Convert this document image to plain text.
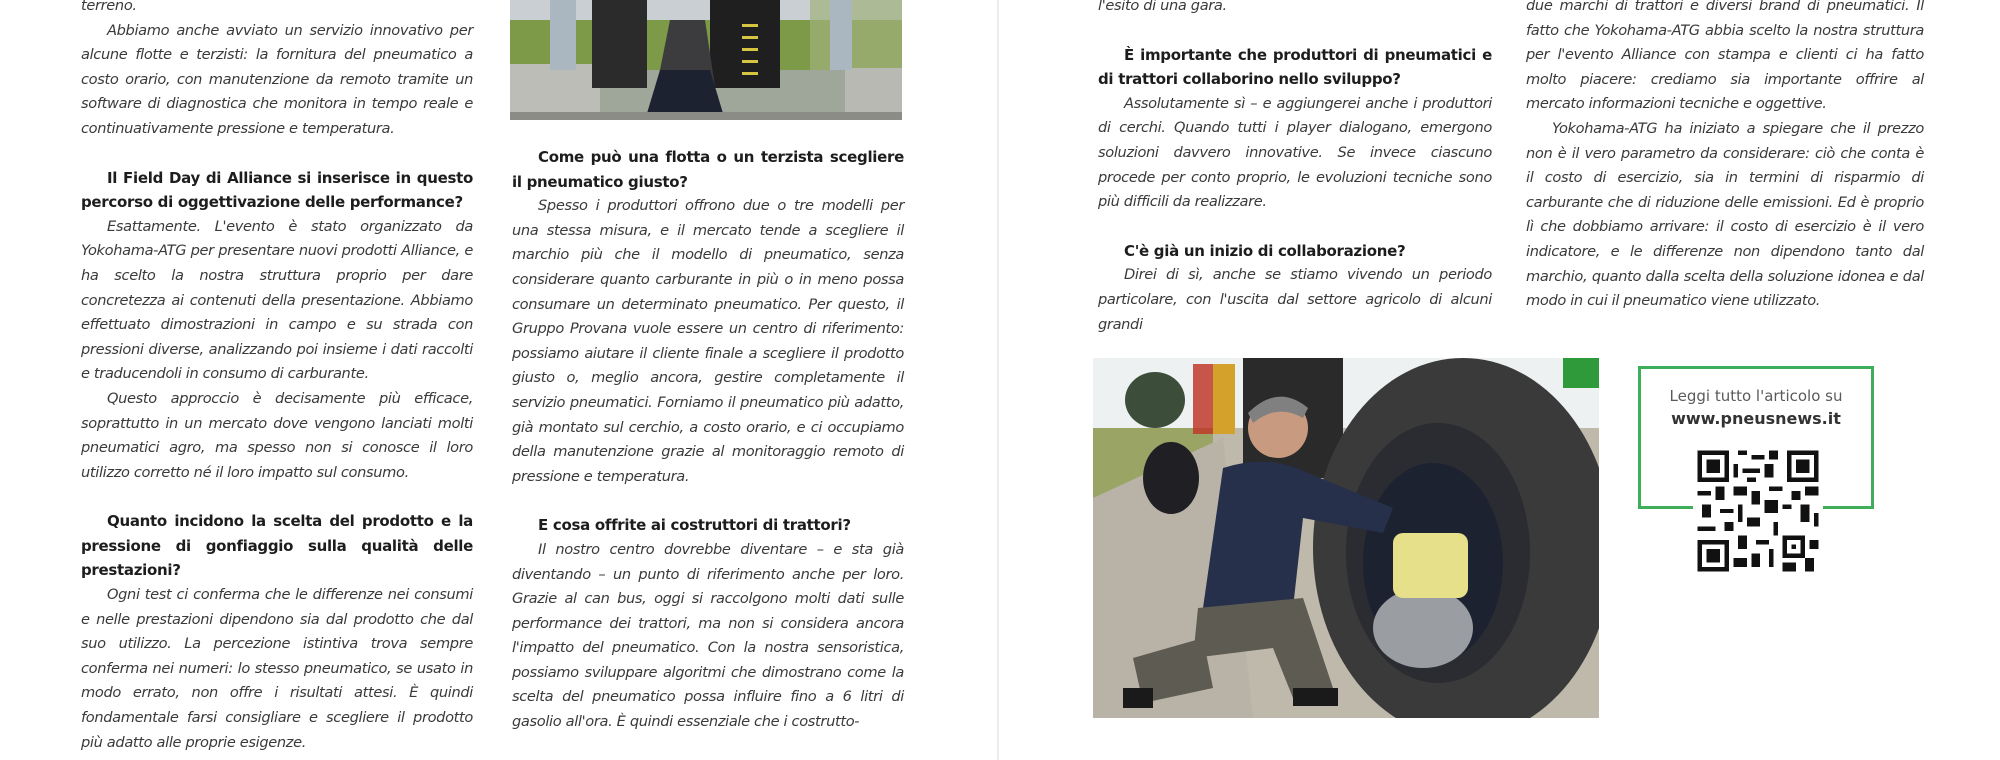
terreno.

Abbiamo anche avviato un servizio innovativo per alcune flotte e terzisti: la fornitura del pneumatico a costo orario, con manutenzione da remoto tramite un software di diagnostica che monitora in tempo reale e continuativamente pressione e temperatura.

Il Field Day di Alliance si inserisce in questo percorso di oggettivazione delle performance?

Esattamente. L'evento è stato organizzato da Yokohama-ATG per presentare nuovi prodotti Alliance, e ha scelto la nostra struttura proprio per dare concretezza ai contenuti della presentazione. Abbiamo effettuato dimostrazioni in campo e su strada con pressioni diverse, analizzando poi insieme i dati raccolti e traducendoli in consumo di carburante.

Questo approccio è decisamente più efficace, soprattutto in un mercato dove vengono lanciati molti pneumatici agro, ma spesso non si conosce il loro utilizzo corretto né il loro impatto sul consumo.

Quanto incidono la scelta del prodotto e la pressione di gonfiaggio sulla qualità delle prestazioni?

Ogni test ci conferma che le differenze nei consumi e nelle prestazioni dipendono sia dal prodotto che dal suo utilizzo. La percezione istintiva trova sempre conferma nei numeri: lo stesso pneumatico, se usato in modo errato, non offre i risultati attesi. È quindi fondamentale farsi consigliare e scegliere il prodotto più adatto alle proprie esigenze.

Come può una flotta o un terzista scegliere il pneumatico giusto?

Spesso i produttori offrono due o tre modelli per una stessa misura, e il mercato tende a scegliere il marchio più che il modello di pneumatico, senza considerare quanto carburante in più o in meno possa consumare un determinato pneumatico. Per questo, il Gruppo Provana vuole essere un centro di riferimento: possiamo aiutare il cliente finale a scegliere il prodotto giusto o, meglio ancora, gestire completamente il servizio pneumatici. Forniamo il pneumatico più adatto, già montato sul cerchio, a costo orario, e ci occupiamo della manutenzione grazie al monitoraggio remoto di pressione e temperatura.

E cosa offrite ai costruttori di trattori?

Il nostro centro dovrebbe diventare – e sta già diventando – un punto di riferimento anche per loro. Grazie al can bus, oggi si raccolgono molti dati sulle performance dei trattori, ma non si considera ancora l'impatto del pneumatico. Con la nostra sensoristica, possiamo sviluppare algoritmi che dimostrano come la scelta del pneumatico possa influire fino a 6 litri di gasolio all'ora. È quindi essenziale che i costrutto-

l'esito di una gara.

È importante che produttori di pneumatici e di trattori collaborino nello sviluppo?

Assolutamente sì – e aggiungerei anche i produttori di cerchi. Quando tutti i player dialogano, emergono soluzioni davvero innovative. Se invece ciascuno procede per conto proprio, le evoluzioni tecniche sono più difficili da realizzare.

C'è già un inizio di collaborazione?

Direi di sì, anche se stiamo vivendo un periodo particolare, con l'uscita dal settore agricolo di alcuni grandi

due marchi di trattori e diversi brand di pneumatici. Il fatto che Yokohama-ATG abbia scelto la nostra struttura per l'evento Alliance con stampa e clienti ci ha fatto molto piacere: crediamo sia importante offrire al mercato informazioni tecniche e oggettive.

Yokohama-ATG ha iniziato a spiegare che il prezzo non è il vero parametro da considerare: ciò che conta è il costo di esercizio, sia in termini di risparmio di carburante che di riduzione delle emissioni. Ed è proprio lì che dobbiamo arrivare: il costo di esercizio è il vero indicatore, e le differenze non dipendono tanto dal marchio, quanto dalla scelta della soluzione idonea e dal modo in cui il pneumatico viene utilizzato.

Leggi tutto l'articolo su
www.pneusnews.it
